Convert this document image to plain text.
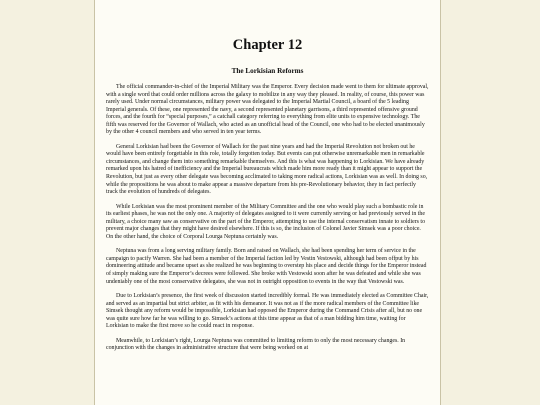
Chapter 12
The Lorkisian Reforms

The official commander-in-chief of the Imperial Military was the Emperor. Every decision made went to them for ultimate approval, with a single word that could order millions across the galaxy to mobilize in any way they pleased. In reality, of course, this power was rarely used. Under normal circumstances, military power was delegated to the Imperial Martial Council, a board of the 5 leading Imperial generals. Of these, one represented the navy, a second represented planetary garrisons, a third represented offensive ground forces, and the fourth for “special purposes,” a catchall category referring to everything from elite units to expensive technology. The fifth was reserved for the Governor of Wallach, who acted as an unofficial head of the Council, one who had to be elected unanimously by the other 4 council members and who served in ten year terms.

General Lorkisian had been the Governor of Wallach for the past nine years and had the Imperial Revolution not broken out he would have been entirely forgettable in this role, totally forgotten today. But events can put otherwise unremarkable men in remarkable circumstances, and change them into something remarkable themselves. And this is what was happening to Lorkisian. We have already remarked upon his hatred of inefficiency and the Imperial bureaucrats which made him more ready than it might appear to support the Revolution, but just as every other delegate was becoming acclimated to taking more radical actions, Lorkisian was as well. In doing so, while the propositions he was about to make appear a massive departure from his pre-Revolutionary behavior, they in fact perfectly track the evolution of hundreds of delegates.

While Lorkisian was the most prominent member of the Military Committee and the one who would play such a bombastic role in its earliest phases, he was not the only one. A majority of delegates assigned to it were currently serving or had previously served in the military, a choice many saw as conservative on the part of the Emperor, attempting to use the internal conservatism innate to soldiers to prevent major changes that they might have desired elsewhere. If this is so, the inclusion of Colonel Javier Simsek was a poor choice. On the other hand, the choice of Corporal Lourga Neptuna certainly was.

Neptuna was from a long serving military family. Born and raised on Wallach, she had been spending her term of service in the campaign to pacify Warren. She had been a member of the Imperial faction led by Vestin Vestowski, although had been offput by his domineering attitude and became upset as she realized he was beginning to overstep his place and decide things for the Emperor instead of simply making sure the Emperor’s decrees were followed. She broke with Vestowski soon after he was defeated and while she was undeniably one of the most conservative delegates, she was not in outright opposition to events in the way that Vestowski was.

Due to Lorkisian’s presence, the first week of discussion started incredibly formal. He was immediately elected as Committee Chair, and served as an impartial but strict arbiter, as fit with his demeanor. It was not as if the more radical members of the Committee like Simsek thought any reform would be impossible, Lorkisian had opposed the Emperor during the Command Crisis after all, but no one was quite sure how far he was willing to go. Simsek’s actions at this time appear as that of a man bidding him time, waiting for Lorkisian to make the first move so he could react in response.

Meanwhile, to Lorkisian’s right, Lourga Neptuna was committed to limiting reform to only the most necessary changes. In conjunction with the changes in administrative structure that were being worked on at
